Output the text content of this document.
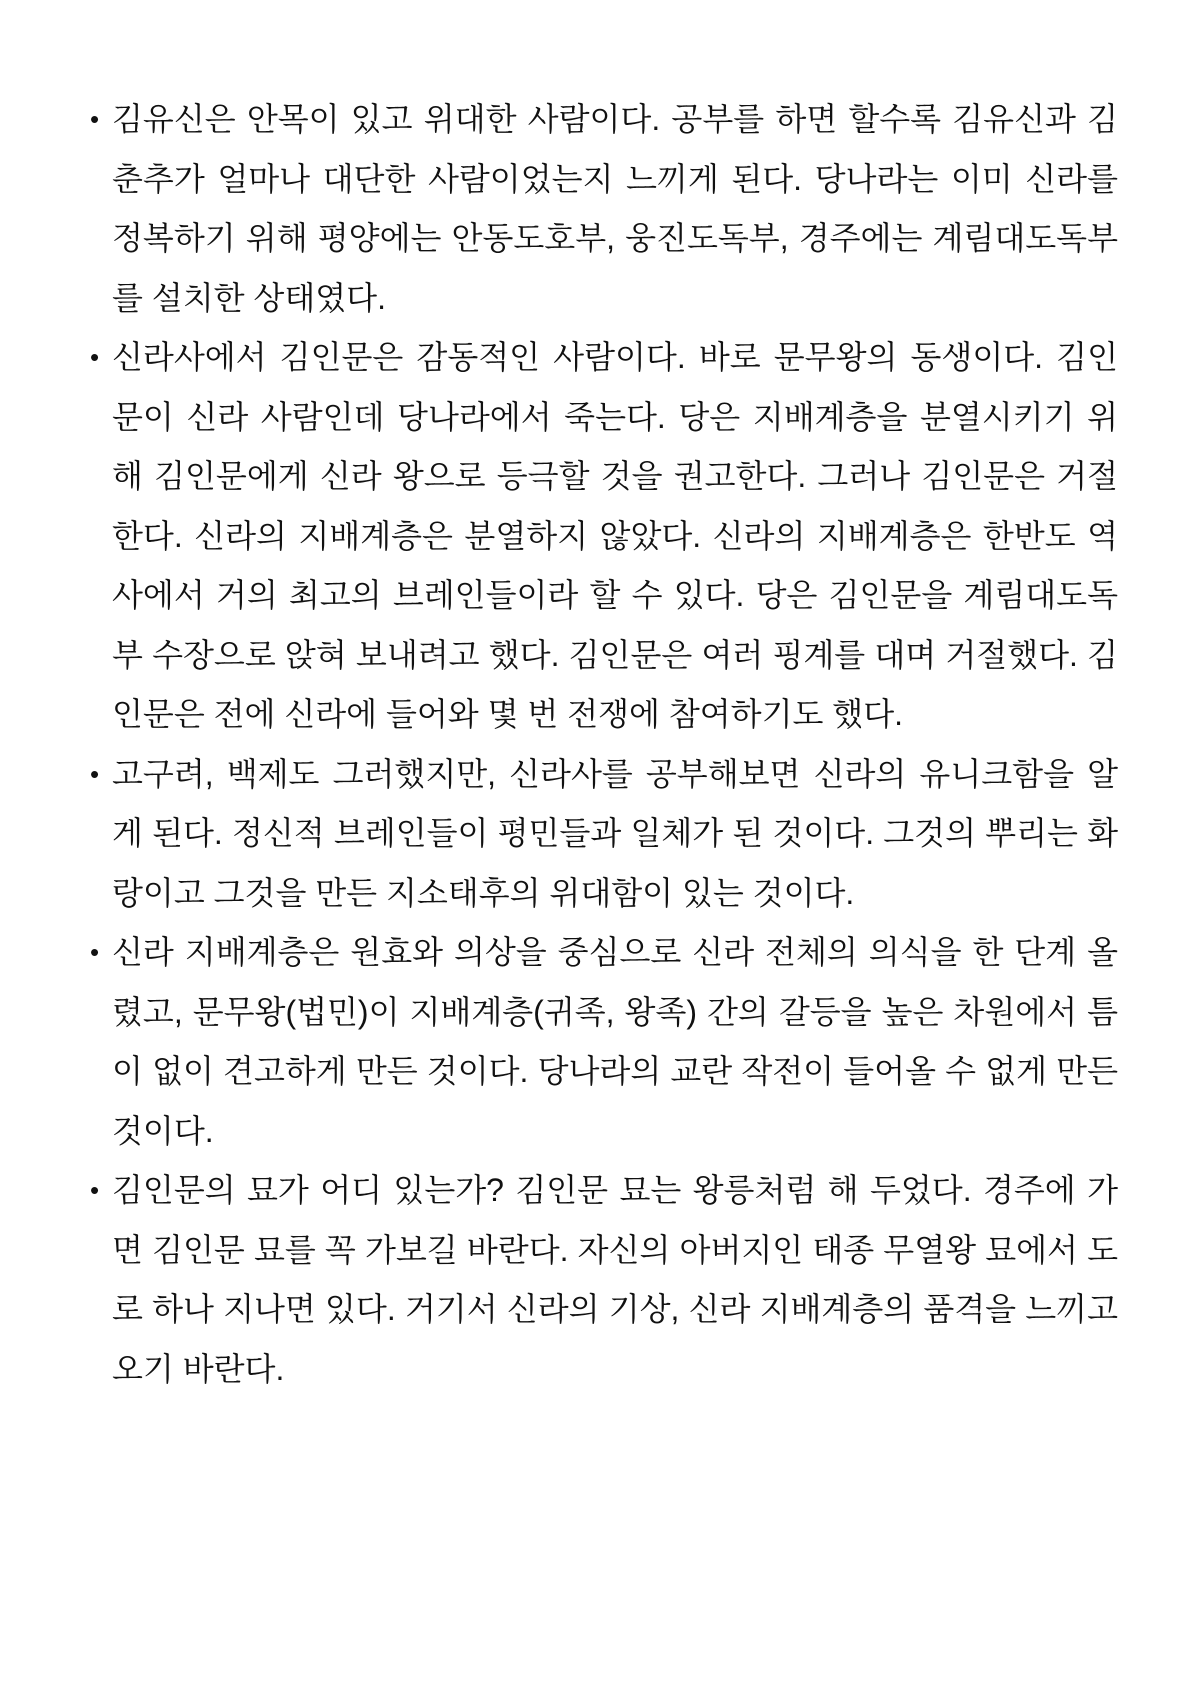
• 김유신은 안목이 있고 위대한 사람이다. 공부를 하면 할수록 김유신과 김춘추가 얼마나 대단한 사람이었는지 느끼게 된다. 당나라는 이미 신라를 정복하기 위해 평양에는 안동도호부, 웅진도독부, 경주에는 계림대도독부를 설치한 상태였다.
• 신라사에서 김인문은 감동적인 사람이다. 바로 문무왕의 동생이다. 김인문이 신라 사람인데 당나라에서 죽는다. 당은 지배계층을 분열시키기 위해 김인문에게 신라 왕으로 등극할 것을 권고한다. 그러나 김인문은 거절한다. 신라의 지배계층은 분열하지 않았다. 신라의 지배계층은 한반도 역사에서 거의 최고의 브레인들이라 할 수 있다. 당은 김인문을 계림대도독부 수장으로 앉혀 보내려고 했다. 김인문은 여러 핑계를 대며 거절했다. 김인문은 전에 신라에 들어와 몇 번 전쟁에 참여하기도 했다.
• 고구려, 백제도 그러했지만, 신라사를 공부해보면 신라의 유니크함을 알게 된다. 정신적 브레인들이 평민들과 일체가 된 것이다. 그것의 뿌리는 화랑이고 그것을 만든 지소태후의 위대함이 있는 것이다.
• 신라 지배계층은 원효와 의상을 중심으로 신라 전체의 의식을 한 단계 올렸고, 문무왕(법민)이 지배계층(귀족, 왕족) 간의 갈등을 높은 차원에서 틈이 없이 견고하게 만든 것이다. 당나라의 교란 작전이 들어올 수 없게 만든 것이다.
• 김인문의 묘가 어디 있는가? 김인문 묘는 왕릉처럼 해 두었다. 경주에 가면 김인문 묘를 꼭 가보길 바란다. 자신의 아버지인 태종 무열왕 묘에서 도로 하나 지나면 있다. 거기서 신라의 기상, 신라 지배계층의 품격을 느끼고 오기 바란다.
